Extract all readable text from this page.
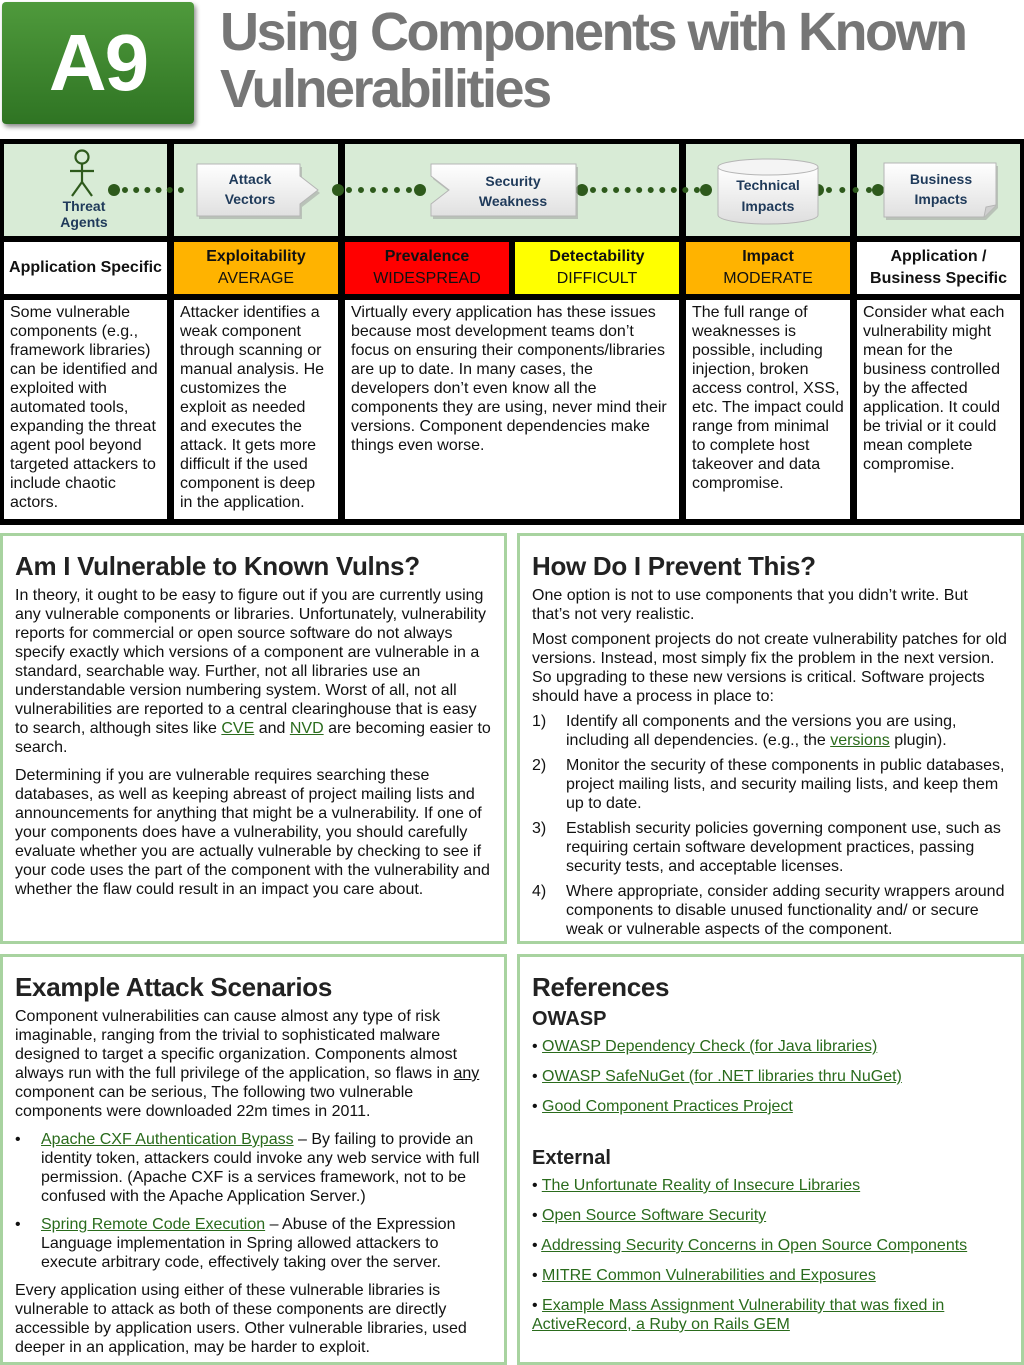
A9	Using Components with Known
Vulnerabilities
Threat Agents
Attack
Vectors
Security
Weakness
Technical
Impacts
Business
Impacts
Application Specific
Exploitability
AVERAGE
Prevalence
WIDESPREAD
Detectability
DIFFICULT
Impact
MODERATE
Application /
Business Specific
Some vulnerable components (e.g., framework libraries) can be identified and exploited with automated tools, expanding the threat agent pool beyond targeted attackers to include chaotic actors.
Attacker identifies a weak component through scanning or manual analysis. He customizes the exploit as needed and executes the attack. It gets more difficult if the used component is deep in the application.
Virtually every application has these issues because most development teams don’t focus on ensuring their components/libraries are up to date. In many cases, the developers don’t even know all the components they are using, never mind their versions. Component dependencies make things even worse.
The full range of weaknesses is possible, including injection, broken access control, XSS, etc. The impact could range from minimal to complete host takeover and data compromise.
Consider what each vulnerability might mean for the business controlled by the affected application. It could be trivial or it could mean complete compromise.
Am I Vulnerable to Known Vulns?

In theory, it ought to be easy to figure out if you are currently using any vulnerable components or libraries. Unfortunately, vulnerability reports for commercial or open source software do not always specify exactly which versions of a component are vulnerable in a standard, searchable way. Further, not all libraries use an understandable version numbering system. Worst of all, not all vulnerabilities are reported to a central clearinghouse that is easy to search, although sites like CVE and NVD are becoming easier to search.

Determining if you are vulnerable requires searching these databases, as well as keeping abreast of project mailing lists and announcements for anything that might be a vulnerability. If one of your components does have a vulnerability, you should carefully evaluate whether you are actually vulnerable by checking to see if your code uses the part of the component with the vulnerability and whether the flaw could result in an impact you care about.

How Do I Prevent This?

One option is not to use components that you didn’t write. But that’s not very realistic.

Most component projects do not create vulnerability patches for old versions. Instead, most simply fix the problem in the next version. So upgrading to these new versions is critical. Software projects should have a process in place to:

1) Identify all components and the versions you are using, including all dependencies. (e.g., the versions plugin).
2) Monitor the security of these components in public databases, project mailing lists, and security mailing lists, and keep them up to date.
3) Establish security policies governing component use, such as requiring certain software development practices, passing security tests, and acceptable licenses.
4) Where appropriate, consider adding security wrappers around components to disable unused functionality and/ or secure weak or vulnerable aspects of the component.
Example Attack Scenarios

Component vulnerabilities can cause almost any type of risk imaginable, ranging from the trivial to sophisticated malware designed to target a specific organization. Components almost always run with the full privilege of the application, so flaws in any component can be serious, The following two vulnerable components were downloaded 22m times in 2011.

• Apache CXF Authentication Bypass – By failing to provide an identity token, attackers could invoke any web service with full permission. (Apache CXF is a services framework, not to be confused with the Apache Application Server.)
• Spring Remote Code Execution – Abuse of the Expression Language implementation in Spring allowed attackers to execute arbitrary code, effectively taking over the server.

Every application using either of these vulnerable libraries is vulnerable to attack as both of these components are directly accessible by application users. Other vulnerable libraries, used deeper in an application, may be harder to exploit.

References
OWASP
• OWASP Dependency Check (for Java libraries)
• OWASP SafeNuGet (for .NET libraries thru NuGet)
• Good Component Practices Project
External
• The Unfortunate Reality of Insecure Libraries
• Open Source Software Security
• Addressing Security Concerns in Open Source Components
• MITRE Common Vulnerabilities and Exposures
• Example Mass Assignment Vulnerability that was fixed in ActiveRecord, a Ruby on Rails GEM
